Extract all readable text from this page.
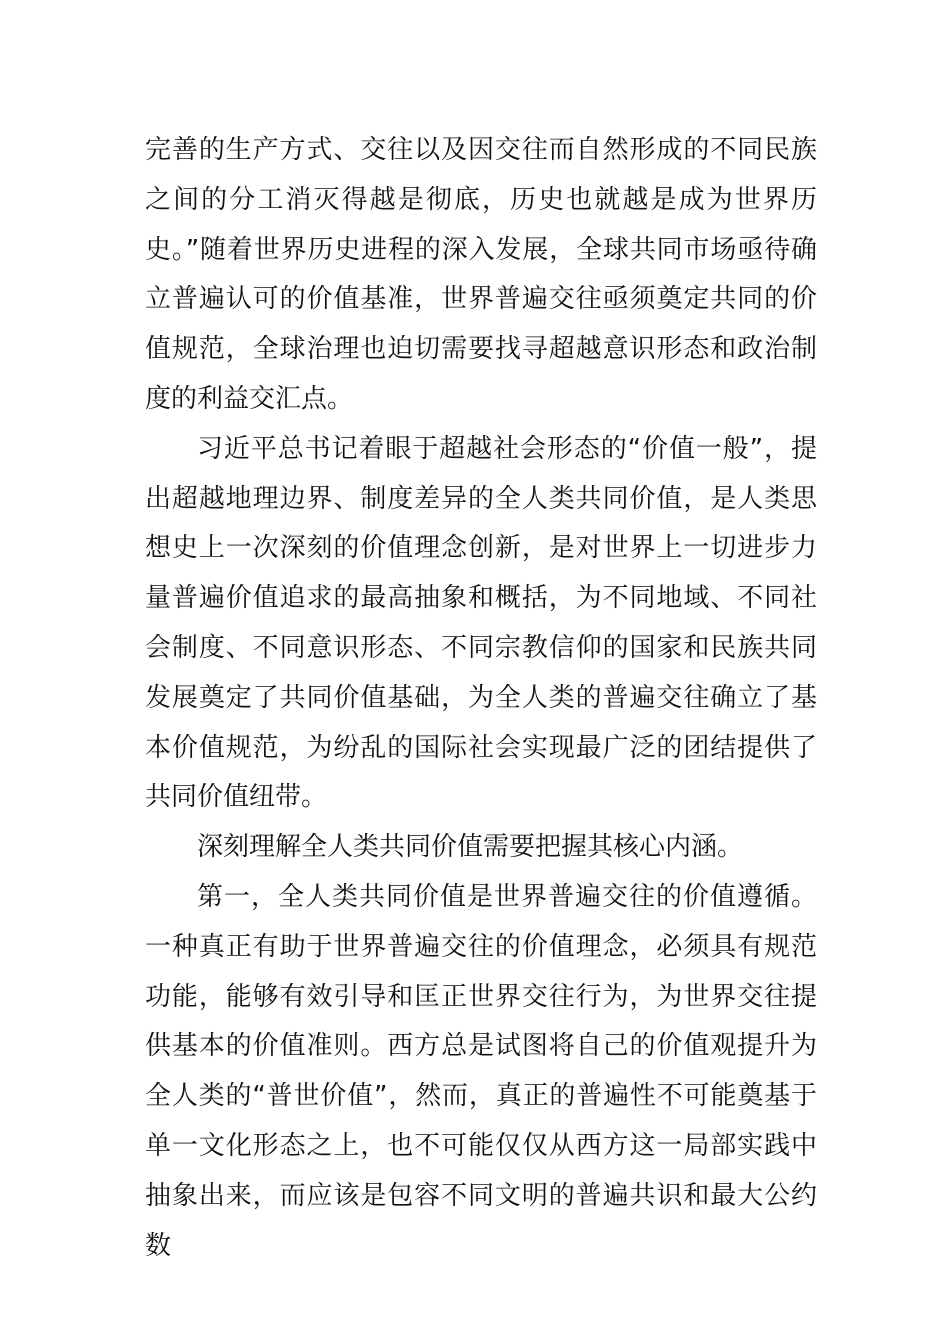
完善的生产方式、交往以及因交往而自然形成的不同民族之间的分工消灭得越是彻底，历史也就越是成为世界历史。”随着世界历史进程的深入发展，全球共同市场亟待确立普遍认可的价值基准，世界普遍交往亟须奠定共同的价值规范，全球治理也迫切需要找寻超越意识形态和政治制度的利益交汇点。

习近平总书记着眼于超越社会形态的“价值一般”，提出超越地理边界、制度差异的全人类共同价值，是人类思想史上一次深刻的价值理念创新，是对世界上一切进步力量普遍价值追求的最高抽象和概括，为不同地域、不同社会制度、不同意识形态、不同宗教信仰的国家和民族共同发展奠定了共同价值基础，为全人类的普遍交往确立了基本价值规范，为纷乱的国际社会实现最广泛的团结提供了共同价值纽带。

深刻理解全人类共同价值需要把握其核心内涵。

第一，全人类共同价值是世界普遍交往的价值遵循。一种真正有助于世界普遍交往的价值理念，必须具有规范功能，能够有效引导和匡正世界交往行为，为世界交往提供基本的价值准则。西方总是试图将自己的价值观提升为全人类的“普世价值”，然而，真正的普遍性不可能奠基于单一文化形态之上，也不可能仅仅从西方这一局部实践中抽象出来，而应该是包容不同文明的普遍共识和最大公约数
